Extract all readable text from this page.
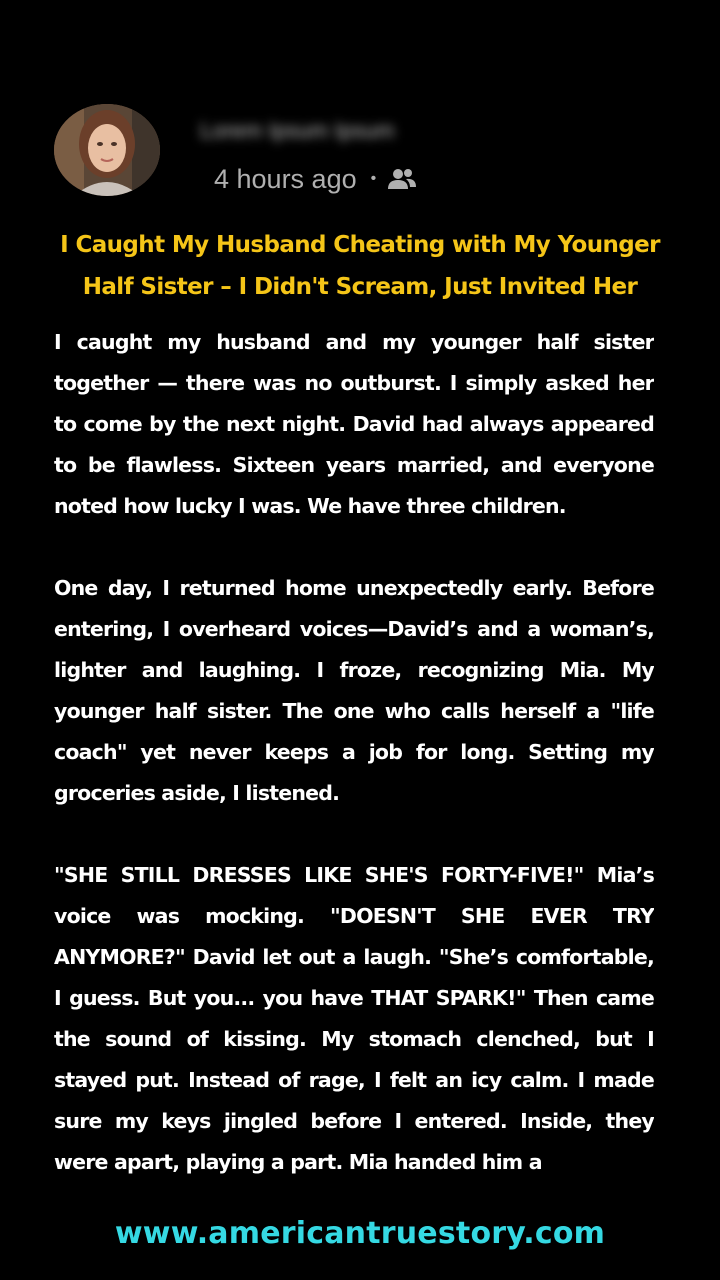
Lorem Ipsum Ipsum
4 hours ago •
I Caught My Husband Cheating with My Younger Half Sister – I Didn't Scream, Just Invited Her

I caught my husband and my younger half sister together — there was no outburst. I simply asked her to come by the next night. David had always appeared to be flawless. Sixteen years married, and everyone noted how lucky I was. We have three children.

One day, I returned home unexpectedly early. Before entering, I overheard voices—David’s and a woman’s, lighter and laughing. I froze, recognizing Mia. My younger half sister. The one who calls herself a "life coach" yet never keeps a job for long. Setting my groceries aside, I listened.

"SHE STILL DRESSES LIKE SHE'S FORTY-FIVE!" Mia’s voice was mocking. "DOESN'T SHE EVER TRY ANYMORE?" David let out a laugh. "She’s comfortable, I guess. But you... you have THAT SPARK!" Then came the sound of kissing. My stomach clenched, but I stayed put. Instead of rage, I felt an icy calm. I made sure my keys jingled before I entered. Inside, they were apart, playing a part. Mia handed him a

www.americantruestory.com
